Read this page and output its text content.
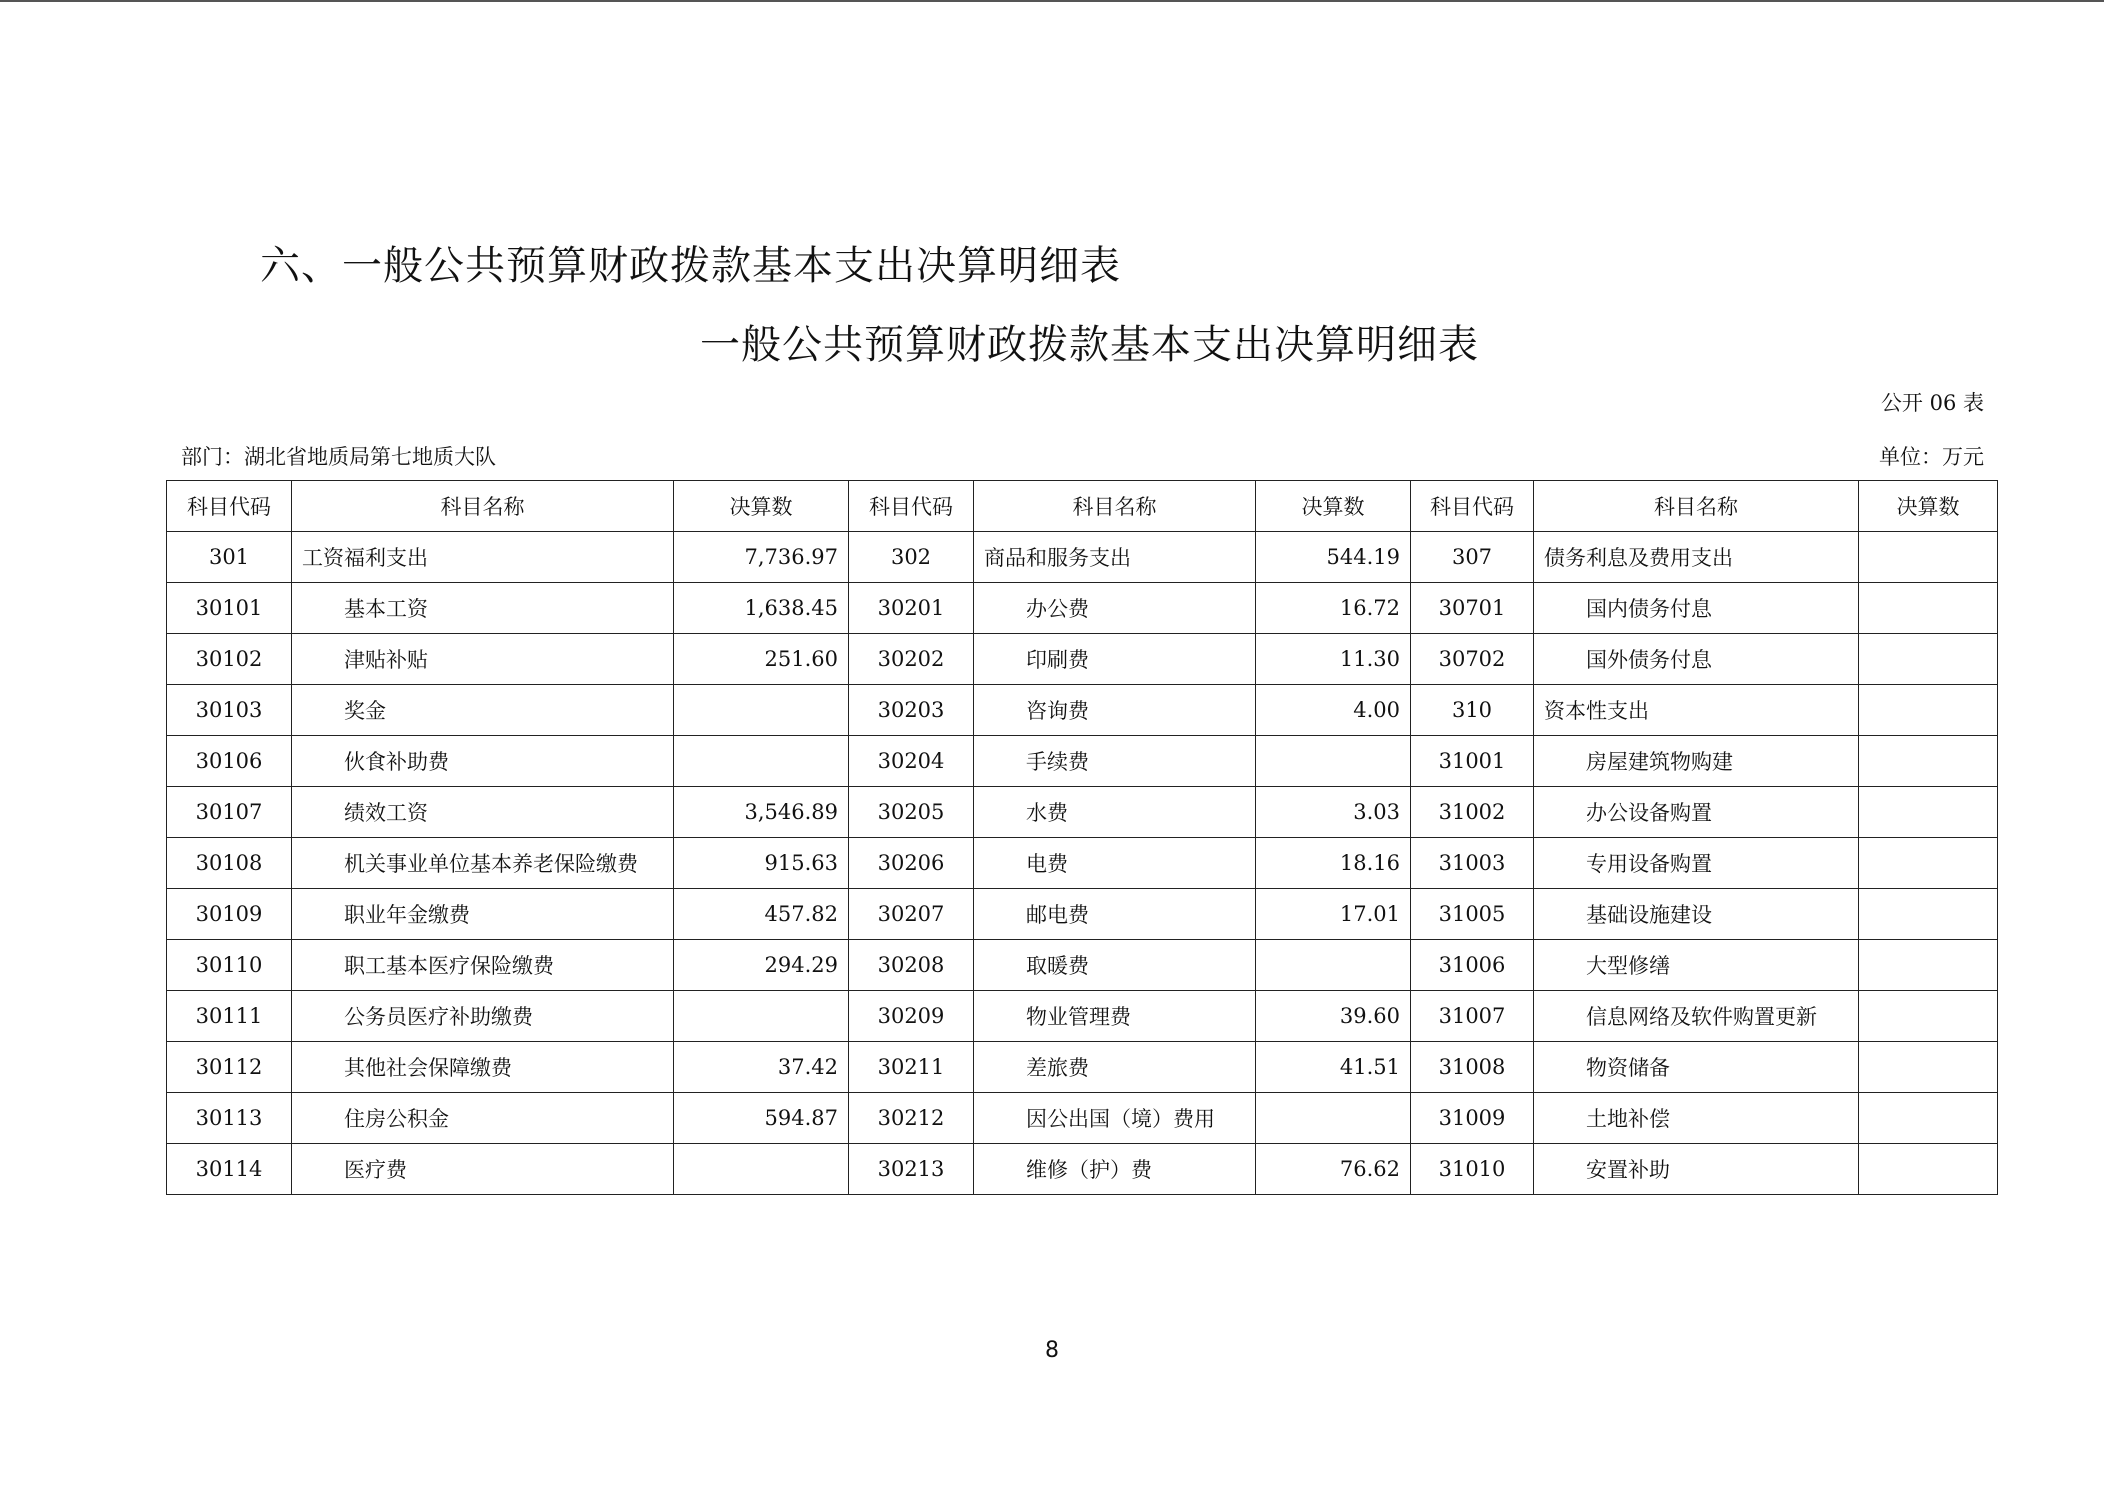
六、一般公共预算财政拨款基本支出决算明细表
一般公共预算财政拨款基本支出决算明细表
公开 06 表
部门：湖北省地质局第七地质大队	单位：万元
科目代码	科目名称	决算数	科目代码	科目名称	决算数	科目代码	科目名称	决算数
301	工资福利支出	7,736.97	302	商品和服务支出	544.19	307	债务利息及费用支出	
30101	基本工资	1,638.45	30201	办公费	16.72	30701	国内债务付息	
30102	津贴补贴	251.60	30202	印刷费	11.30	30702	国外债务付息	
30103	奖金		30203	咨询费	4.00	310	资本性支出	
30106	伙食补助费		30204	手续费		31001	房屋建筑物购建	
30107	绩效工资	3,546.89	30205	水费	3.03	31002	办公设备购置	
30108	机关事业单位基本养老保险缴费	915.63	30206	电费	18.16	31003	专用设备购置	
30109	职业年金缴费	457.82	30207	邮电费	17.01	31005	基础设施建设	
30110	职工基本医疗保险缴费	294.29	30208	取暖费		31006	大型修缮	
30111	公务员医疗补助缴费		30209	物业管理费	39.60	31007	信息网络及软件购置更新	
30112	其他社会保障缴费	37.42	30211	差旅费	41.51	31008	物资储备	
30113	住房公积金	594.87	30212	因公出国（境）费用		31009	土地补偿	
30114	医疗费		30213	维修（护）费	76.62	31010	安置补助	
8
